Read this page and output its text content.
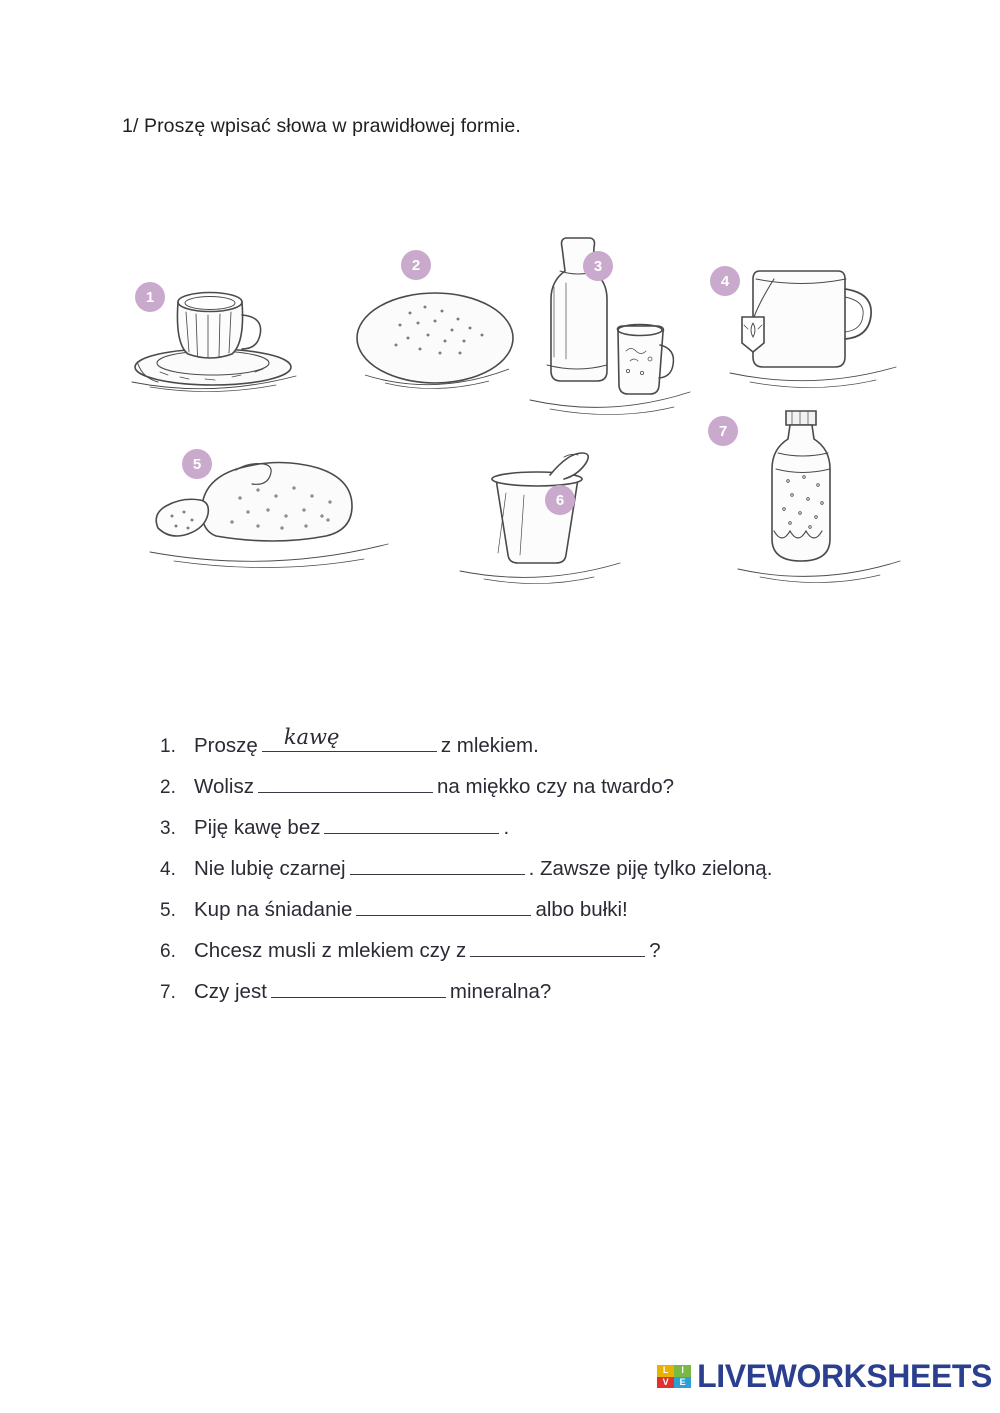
1/ Proszę wpisać słowa w prawidłowej formie.
1
2	3
4
5
6
7
1. Proszę kawę	z mlekiem.
2. Wolisz	na miękko czy na twardo?
3. Piję kawę bez	.
4. Nie lubię czarnej	. Zawsze piję tylko zieloną.
5. Kup na śniadanie	albo bułki!
6. Chcesz musli z mlekiem czy z	?
7. Czy jest	mineralna?
L	I
V	E LIVEWORKSHEETS
